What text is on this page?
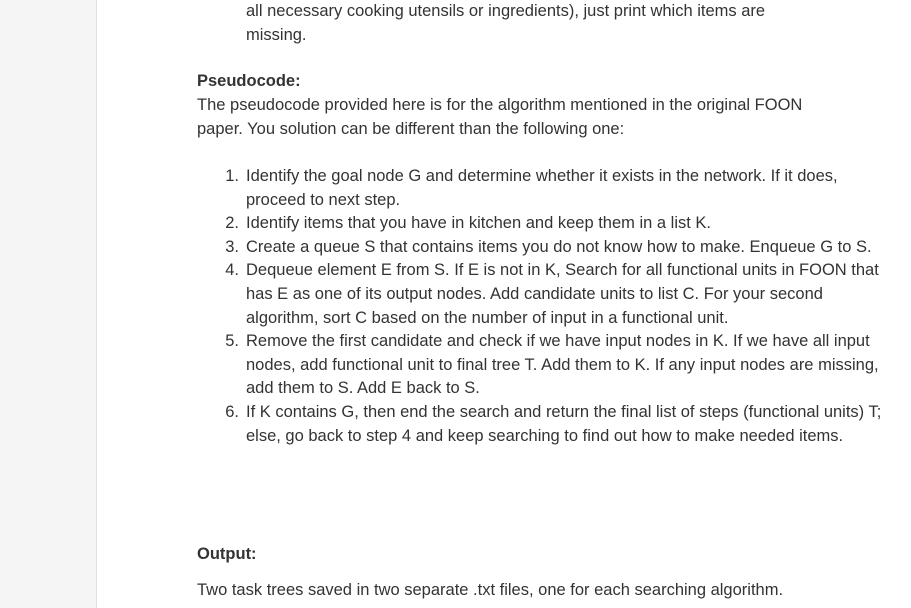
all necessary cooking utensils or ingredients), just print which items are

missing.

Pseudocode:
The pseudocode provided here is for the algorithm mentioned in the original FOON paper. You solution can be different than the following one:
1. Identify the goal node G and determine whether it exists in the network. If it does, proceed to next step.
2. Identify items that you have in kitchen and keep them in a list K.
3. Create a queue S that contains items you do not know how to make. Enqueue G to S.
4. Dequeue element E from S. If E is not in K, Search for all functional units in FOON that has E as one of its output nodes. Add candidate units to list C. For your second algorithm, sort C based on the number of input in a functional unit.
5. Remove the first candidate and check if we have input nodes in K. If we have all input nodes, add functional unit to final tree T. Add them to K. If any input nodes are missing, add them to S. Add E back to S.
6. If K contains G, then end the search and return the final list of steps (functional units) T; else, go back to step 4 and keep searching to find out how to make needed items.
Output:
Two task trees saved in two separate .txt files, one for each searching algorithm.
